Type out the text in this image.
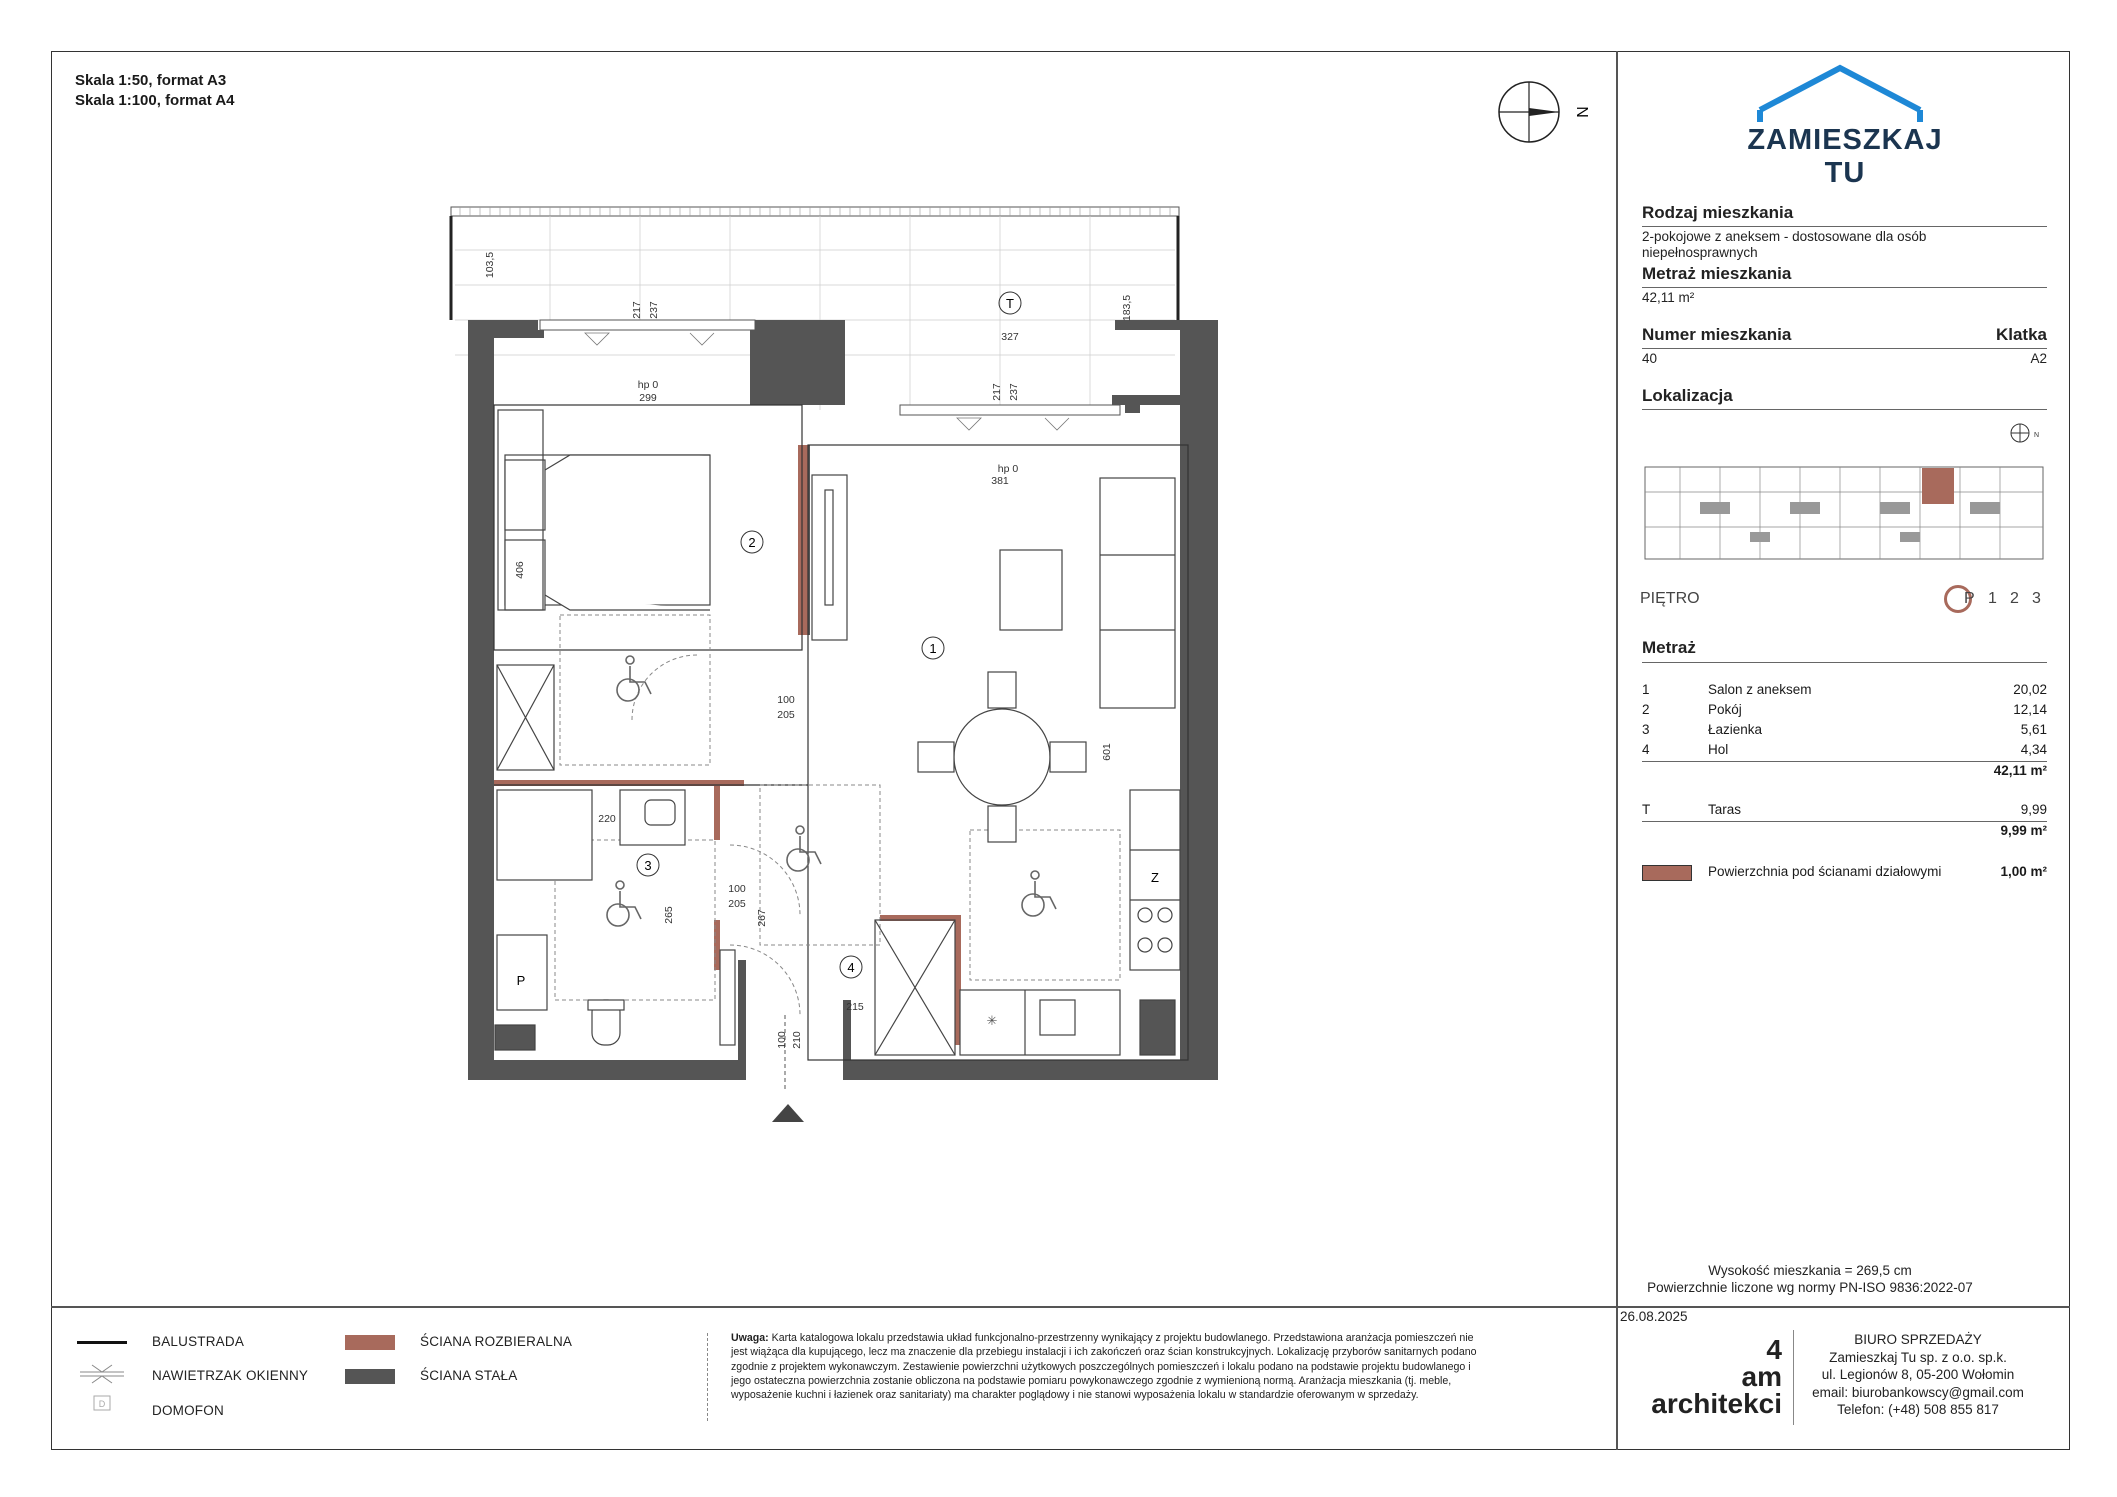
Skala 1:50, format A3
Skala 1:100, format A4
N
T
Z
✳
P
1
2
3
4
103,5
183,5
327
217 237
hp 0
299	217 237
hp 0
381
406
100
205
601
220
100
205
265	267
215
100 210
ZAMIESZKAJ TU
Rodzaj mieszkania
2-pokojowe z aneksem - dostosowane dla osób niepełnosprawnych
Metraż mieszkania
42,11 m²
Numer mieszkania	Klatka
40	A2
Lokalizacja
N
PIĘTRO	P 1 2 3
Metraż
1	Salon z aneksem	20,02
2	Pokój	12,14
3	Łazienka	5,61
4	Hol	4,34
42,11 m²
T	Taras	9,99
9,99 m²
Powierzchnia pod ścianami działowymi	1,00 m²
Wysokość mieszkania = 269,5 cm
Powierzchnie liczone wg normy PN-ISO 9836:2022-07
26.08.2025
BALUSTRADA
NAWIETRZAK OKIENNY
D	DOMOFON
ŚCIANA ROZBIERALNA
ŚCIANA STAŁA
Uwaga: Karta katalogowa lokalu przedstawia układ funkcjonalno-przestrzenny wynikający z projektu budowlanego. Przedstawiona aranżacja pomieszczeń nie jest wiążąca dla kupującego, lecz ma znaczenie dla przebiegu instalacji i ich zakończeń oraz ścian konstrukcyjnych. Lokalizację przyborów sanitarnych podano zgodnie z projektem wykonawczym. Zestawienie powierzchni użytkowych poszczególnych pomieszczeń i lokalu podano na podstawie projektu budowlanego i jego ostateczna powierzchnia zostanie obliczona na podstawie pomiaru powykonawczego zgodnie z wymienioną normą. Aranżacja mieszkania (tj. meble, wyposażenie kuchni i łazienek oraz sanitariaty) ma charakter poglądowy i nie stanowi wyposażenia lokalu w standardzie oferowanym w sprzedaży.
4
am
architekci
BIURO SPRZEDAŻY
Zamieszkaj Tu sp. z o.o. sp.k.
ul. Legionów 8, 05-200 Wołomin
email: biurobankowscy@gmail.com
Telefon: (+48) 508 855 817
